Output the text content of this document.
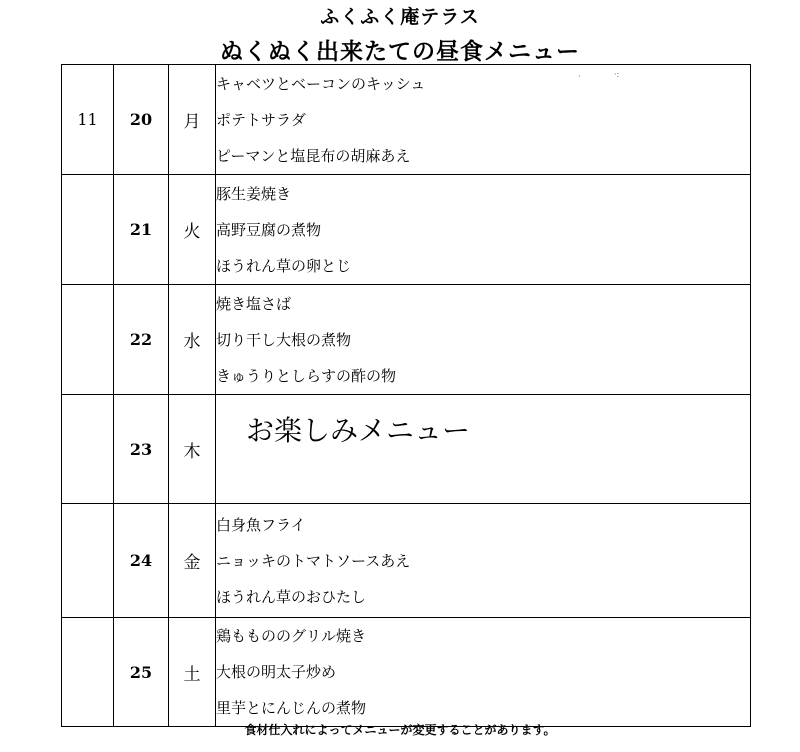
ふくふく庵テラス
ぬくぬく出来たての昼食メニュー
11	20	月	キャベツとベーコンのキッシュ
ポテトサラダ
ピーマンと塩昆布の胡麻あえ

	21	火	豚生姜焼き
高野豆腐の煮物
ほうれん草の卵とじ

	22	水	焼き塩さば
切り干し大根の煮物
きゅうりとしらすの酢の物

	23	木	お楽しみメニュー

	24	金	白身魚フライ
ニョッキのトマトソースあえ
ほうれん草のおひたし

	25	土	鶏ももののグリル焼き
大根の明太子炒め
里芋とにんじんの煮物
食材仕入れによってメニューが変更することがあります。
·	·:
